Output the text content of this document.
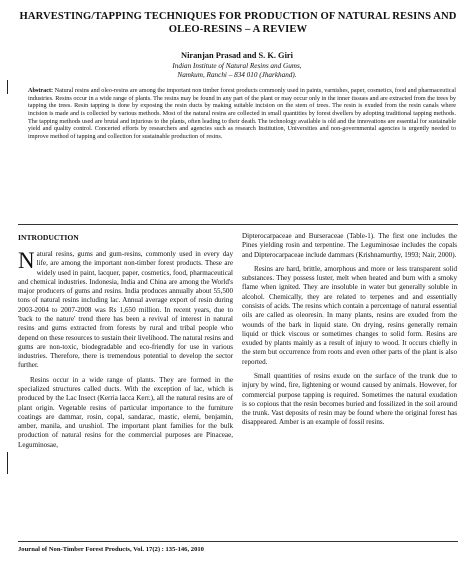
HARVESTING/TAPPING TECHNIQUES FOR PRODUCTION OF NATURAL RESINS AND OLEO-RESINS – A REVIEW
Niranjan Prasad and S. K. Giri
Indian Institute of Natural Resins and Gums,
Namkum, Ranchi – 834 010 (Jharkhand).
Abstract: Natural resins and oleo-resins are among the important non timber forest products commonly used in paints, varnishes, paper, cosmetics, food and pharmaceutical industries. Resins occur in a wide range of plants. The resins may be found in any part of the plant or may occur only in the inner tissues and are extracted from the trees by tapping the trees. Resin tapping is done by exposing the resin ducts by making suitable incision on the stem of trees. The resin is exuded from the resin canals where incision is made and is collected by various methods. Most of the natural resins are collected in small quantities by forest dwellers by adopting traditional tapping methods. The tapping methods used are brutal and injurious to the plants, often leading to their death. The technology available is old and the innovations are essential for sustainable yield and quality control. Concerted efforts by researchers and agencies such as research Institution, Universities and non-governmental agencies is urgently needed to improve method of tapping and collection for sustainable production of resins.
INTRODUCTION

Natural resins, gums and gum-resins, commonly used in every day life, are among the important non-timber forest products. These are widely used in paint, lacquer, paper, cosmetics, food, pharmaceutical and chemical industries. Indonesia, India and China are among the World's major producers of gums and resins. India produces annually about 55,500 tons of natural resins including lac. Annual average export of resin during 2003-2004 to 2007-2008 was Rs 1,650 million. In recent years, due to 'back to the nature' trend there has been a revival of interest in natural resins and gums extracted from forests by rural and tribal people who depend on these resources to sustain their livelihood. The natural resins and gums are non-toxic, biodegradable and eco-friendly for use in various industries. Therefore, there is tremendous potential to develop the sector further.

Resins occur in a wide range of plants. They are formed in the specialized structures called ducts. With the exception of lac, which is produced by the Lac Insect (Kerria lacca Kerr.), all the natural resins are of plant origin. Vegetable resins of particular importance to the furniture coatings are dammar, rosin, copal, sandarac, mastic, elemi, benjamin, amber, manila, and urushiol. The important plant families for the bulk production of natural resins for the commercial purposes are Pinaceae, Leguminosae,

Dipterocarpaceae and Burseraceae (Table-1). The first one includes the Pines yielding rosin and terpentine. The Leguminosae includes the copals and Dipterocarpaceae include dammars (Krishnamurthy, 1993; Nair, 2000).

Resins are hard, brittle, amorphous and more or less transparent solid substances. They possess luster, melt when heated and burn with a smoky flame when ignited. They are insoluble in water but generally soluble in alcohol. Chemically, they are related to terpenes and and essentially consists of acids. The resins which contain a percentage of natural essential oils are called as oleoresin. In many plants, resins are exuded from the wounds of the bark in liquid state. On drying, resins generally remain liquid or thick viscous or sometimes changes to solid form. Resins are exuded by plants mainly as a result of injury to wood. It occurs chiefly in the stem but occurrence from roots and even other parts of the plant is also reported.

Small quantities of resins exude on the surface of the trunk due to injury by wind, fire, lightening or wound caused by animals. However, for commercial purpose tapping is required. Sometimes the natural exudation is so copious that the resin becomes buried and fossilized in the soil around the trunk. Vast deposits of resin may be found where the original forest has disappeared. Amber is an example of fossil resins.

Journal of Non-Timber Forest Products, Vol. 17(2) : 135-146, 2010
